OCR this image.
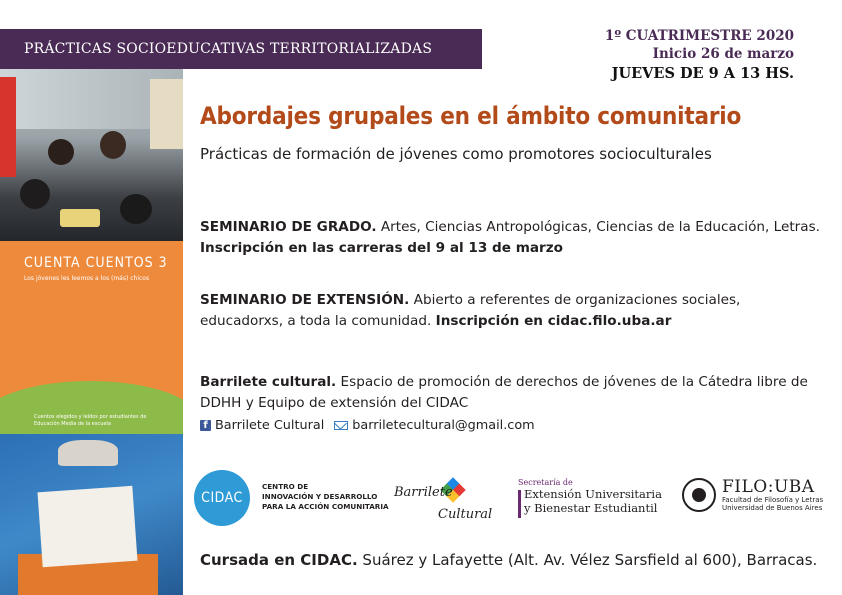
PRÁCTICAS SOCIOEDUCATIVAS TERRITORIALIZADAS
1º CUATRIMESTRE 2020
Inicio 26 de marzo
JUEVES DE 9 A 13 HS.
CUENTA CUENTOS 3
Los jóvenes les leemos a los (más) chicos
Cuentos elegidos y leídos por estudiantes de Educación Media de la escuela
Abordajes grupales en el ámbito comunitario
Prácticas de formación de jóvenes como promotores socioculturales
SEMINARIO DE GRADO. Artes, Ciencias Antropológicas, Ciencias de la Educación, Letras. Inscripción en las carreras del 9 al 13 de marzo
SEMINARIO DE EXTENSIÓN. Abierto a referentes de organizaciones sociales, educadorxs, a toda la comunidad. Inscripción en cidac.filo.uba.ar
Barrilete cultural. Espacio de promoción de derechos de jóvenes de la Cátedra libre de DDHH y Equipo de extensión del CIDAC
f Barrilete Cultural barriletecultural@gmail.com
CIDAC
CENTRO DE
INNOVACIÓN Y DESARROLLO
PARA LA ACCIÓN COMUNITARIA
Barrilete
Cultural
Secretaría de
Extensión Universitaria
y Bienestar Estudiantil
FILO:UBA
Facultad de Filosofía y Letras
Universidad de Buenos Aires
Cursada en CIDAC. Suárez y Lafayette (Alt. Av. Vélez Sarsfield al 600), Barracas.
